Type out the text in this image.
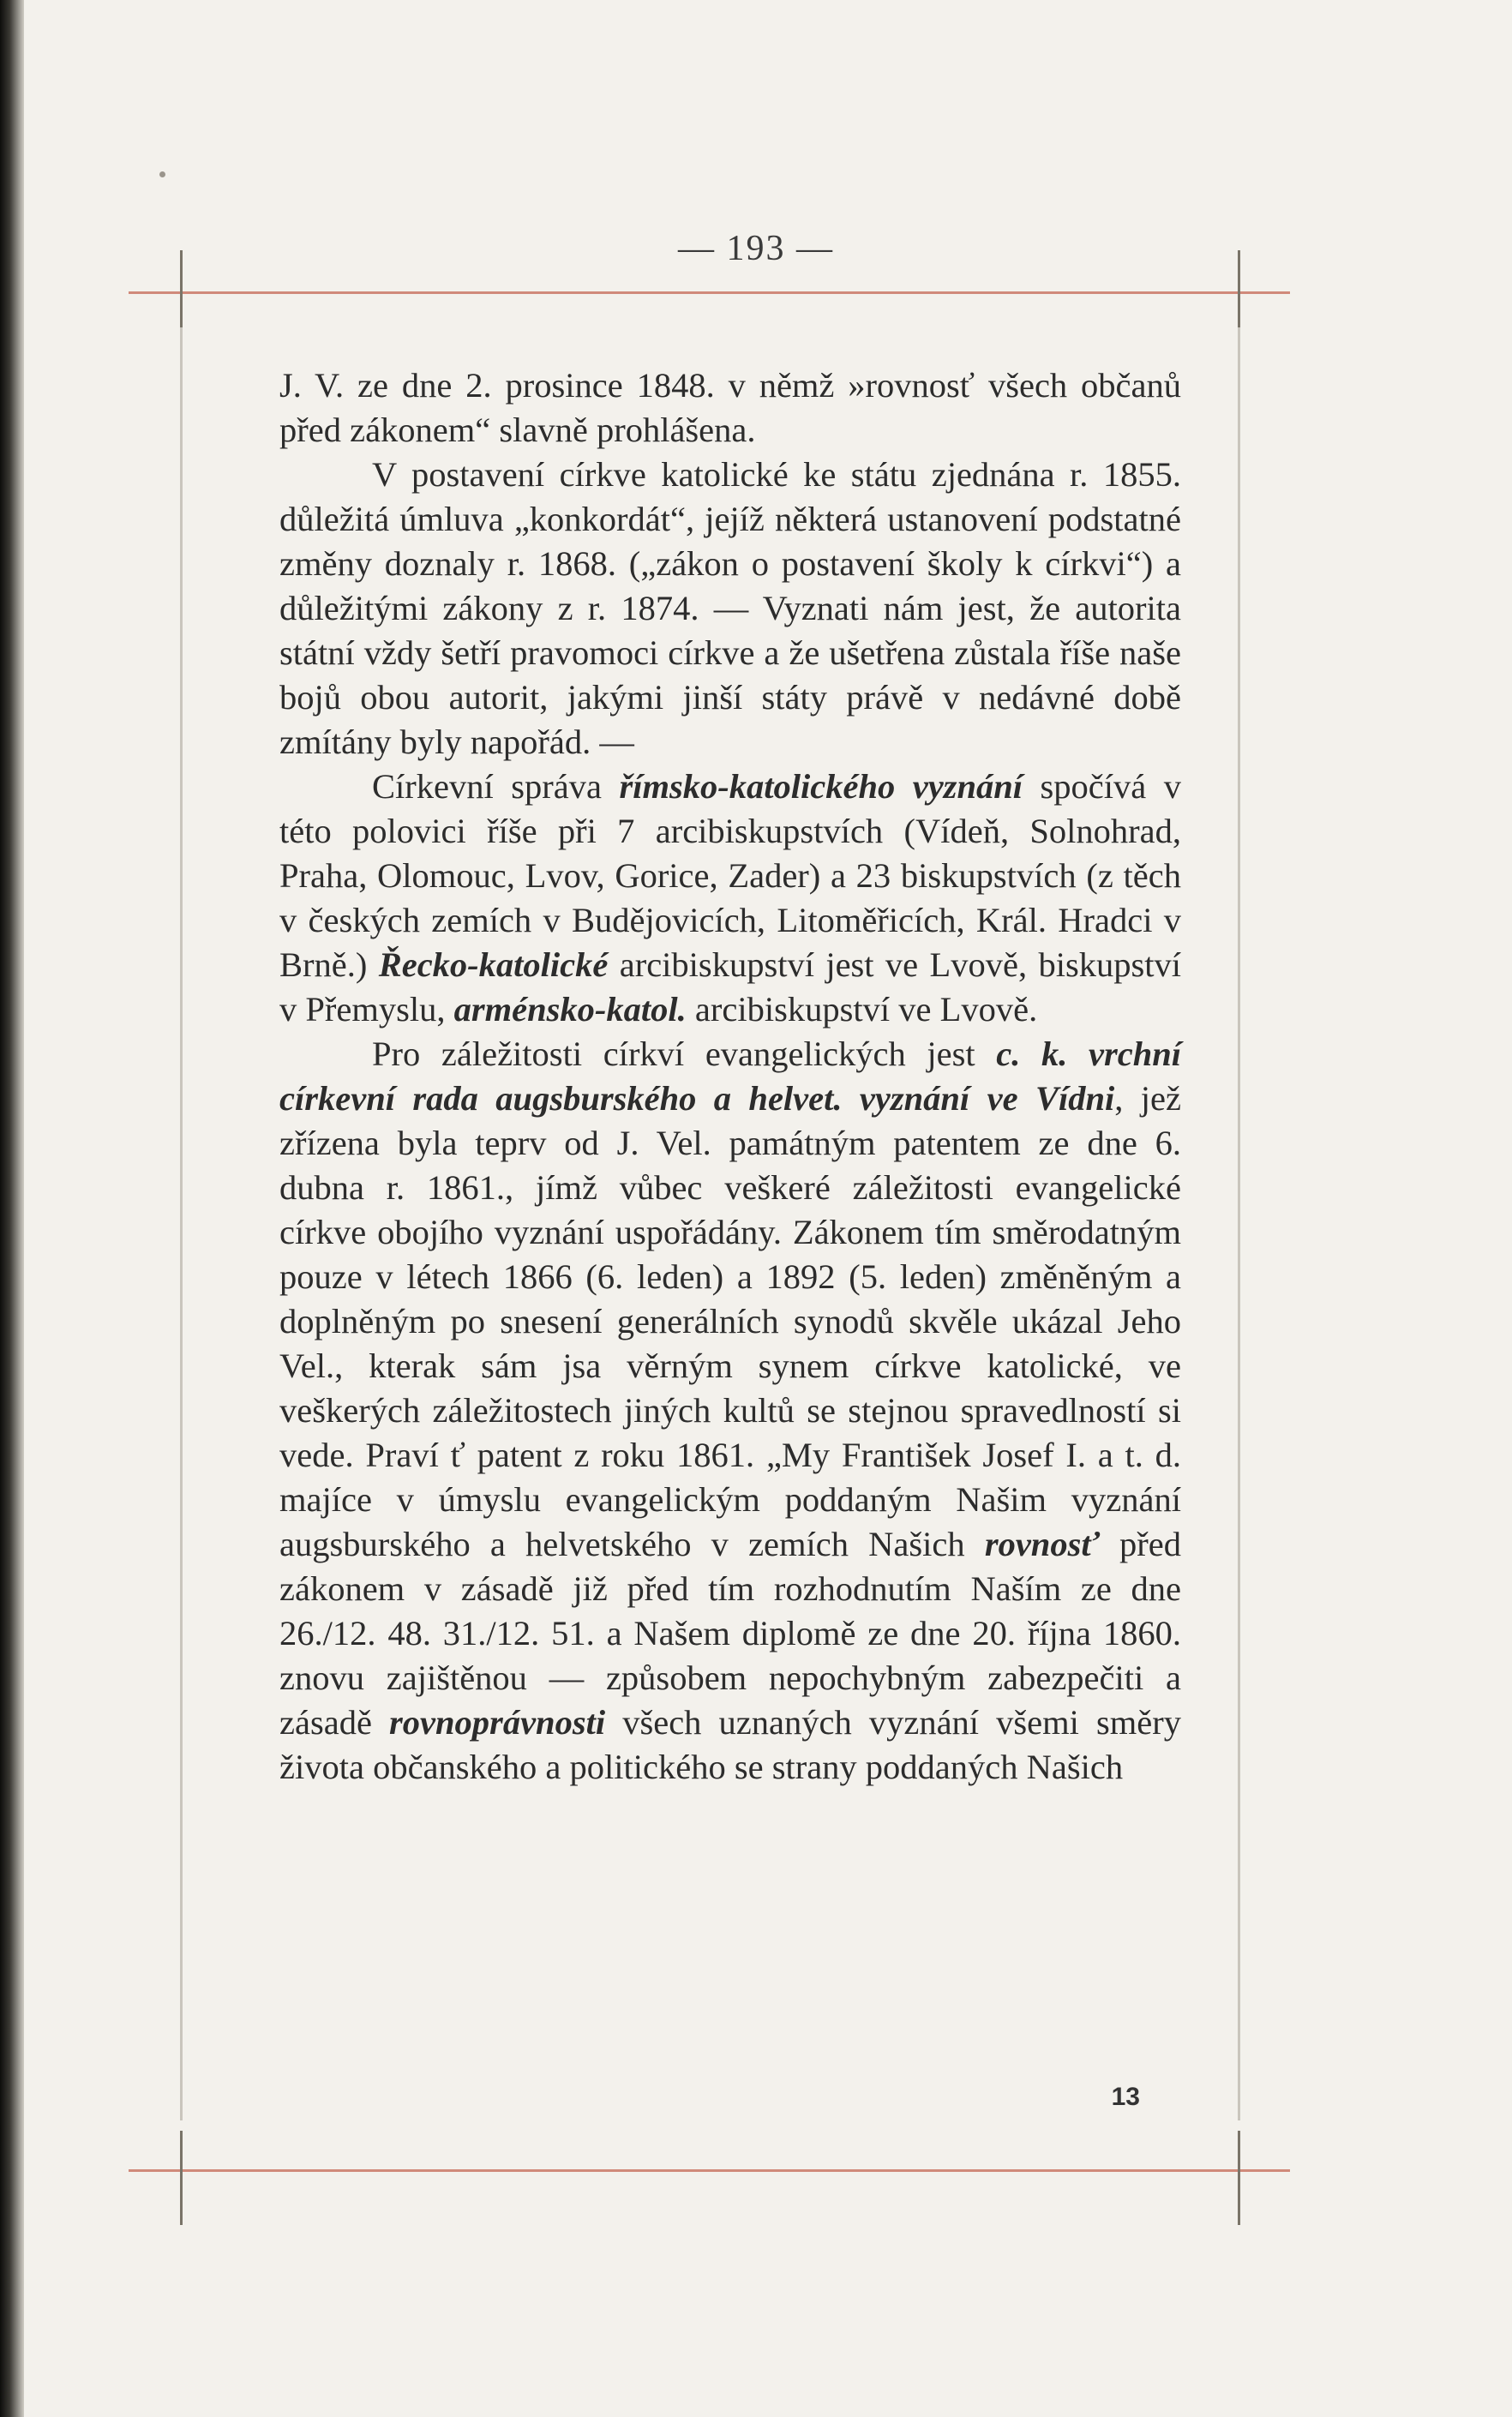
— 193 —

J. V. ze dne 2. prosince 1848. v němž »rovnosť všech občanů před zákonem“ slavně prohlášena.

V postavení církve katolické ke státu zjednána r. 1855. důležitá úmluva „konkordát“, jejíž některá ustanovení podstatné změny doznaly r. 1868. („zákon o postavení školy k církvi“) a důležitými zákony z r. 1874. — Vyznati nám jest, že autorita státní vždy šetří pravomoci církve a že ušetřena zůstala říše naše bojů obou autorit, jakými jinší státy právě v nedávné době zmítány byly napořád. —

Církevní správa římsko-katolického vyznání spočívá v této polovici říše při 7 arcibiskupstvích (Vídeň, Solnohrad, Praha, Olomouc, Lvov, Gorice, Zader) a 23 biskupstvích (z těch v českých zemích v Budějovicích, Litoměřicích, Král. Hradci v Brně.) Řecko-katolické arcibiskupství jest ve Lvově, biskupství v Přemyslu, arménsko-katol. arcibiskupství ve Lvově.

Pro záležitosti církví evangelických jest c. k. vrchní církevní rada augsburského a helvet. vyznání ve Vídni, jež zřízena byla teprv od J. Vel. památným patentem ze dne 6. dubna r. 1861., jímž vůbec veškeré záležitosti evangelické církve obojího vyznání uspořádány. Zákonem tím směrodatným pouze v létech 1866 (6. leden) a 1892 (5. leden) změněným a doplněným po snesení generálních synodů skvěle ukázal Jeho Vel., kterak sám jsa věrným synem církve katolické, ve veškerých záležitostech jiných kultů se stejnou spravedlností si vede. Praví ť patent z roku 1861. „My František Josef I. a t. d. majíce v úmyslu evangelickým poddaným Našim vyznání augsburského a helvetského v zemích Našich rovnosť před zákonem v zásadě již před tím rozhodnutím Naším ze dne 26./12. 48. 31./12. 51. a Našem diplomě ze dne 20. října 1860. znovu zajištěnou — způsobem nepochybným zabezpečiti a zásadě rovnoprávnosti všech uznaných vyznání všemi směry života občanského a politického se strany poddaných Našich

13
